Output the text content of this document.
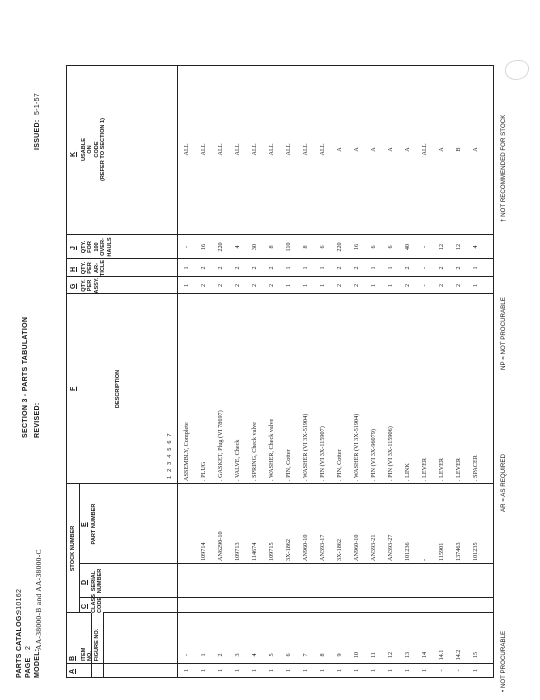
PARTS CATALOG:
910162
PAGE
2
MODEL:
AA-38000-B and AA-38000-C
SECTION 3 - PARTS TABULATION REVISED:
ISSUED:
5-1-57
A
B
C
D
E
F
G
H
J
K
ITEM
NO. FIGURE NO.
STOCK NUMBER
CLASS
CODE
SERIAL
NUMBER
PART NUMBER
DESCRIPTION
1 2 3 4 5 6 7
QTY.
PER
ASSY.
QTY.
PER
AR-
TICLE
QTY.
FOR
100
OVER-
HAULS
USABLE
ON
CODE
(REFER TO SECTION 1)
1
-
ASSEMBLY, Complete
1
1
-
ALL
1
1
109714
. PLUG
2
2
16
ALL
1
2
AN6290-10
. GASKET, Plug (VI 78697)
2
2
220
ALL
1
3
109713
. VALVE, Check
2
2
4
ALL
1
4
114674
. SPRING, Check valve
2
2
30
ALL
1
5
109715
. WASHER, Check valve
2
2
8
ALL
1
6
3X-1862
. PIN, Cotter
1
1
110
ALL
1
7
AN960-10
. WASHER (VI 3X-51904)
1
1
8
ALL
1
8
AN393-17
. PIN (VI 3X-115907)
1
1
6
ALL
1
9
3X-1862
. PIN, Cotter
2
2
220
A
1
10
AN960-10
. WASHER (VI 3X-51904)
2
2
16
A
1
11
AN393-21
. PIN (VI 3X-96079)
1
1
6
A
1
12
AN393-27
. PIN (VI 3X-115906)
1
1
6
A
1
13
101236
. LINK
2
2
40
A
1
14
-
. LEVER
-
-
-
ALL
-
14.1
115901
. LEVER
2
2
12
A
-
14.2
137463
. LEVER
2
2
12
B
1
15
101235
. SPACER
1
1
4
A
• NOT PROCURABLE
AR = AS REQUIRED
NP = NOT PROCURABLE
† NOT RECOMMENDED FOR STOCK
